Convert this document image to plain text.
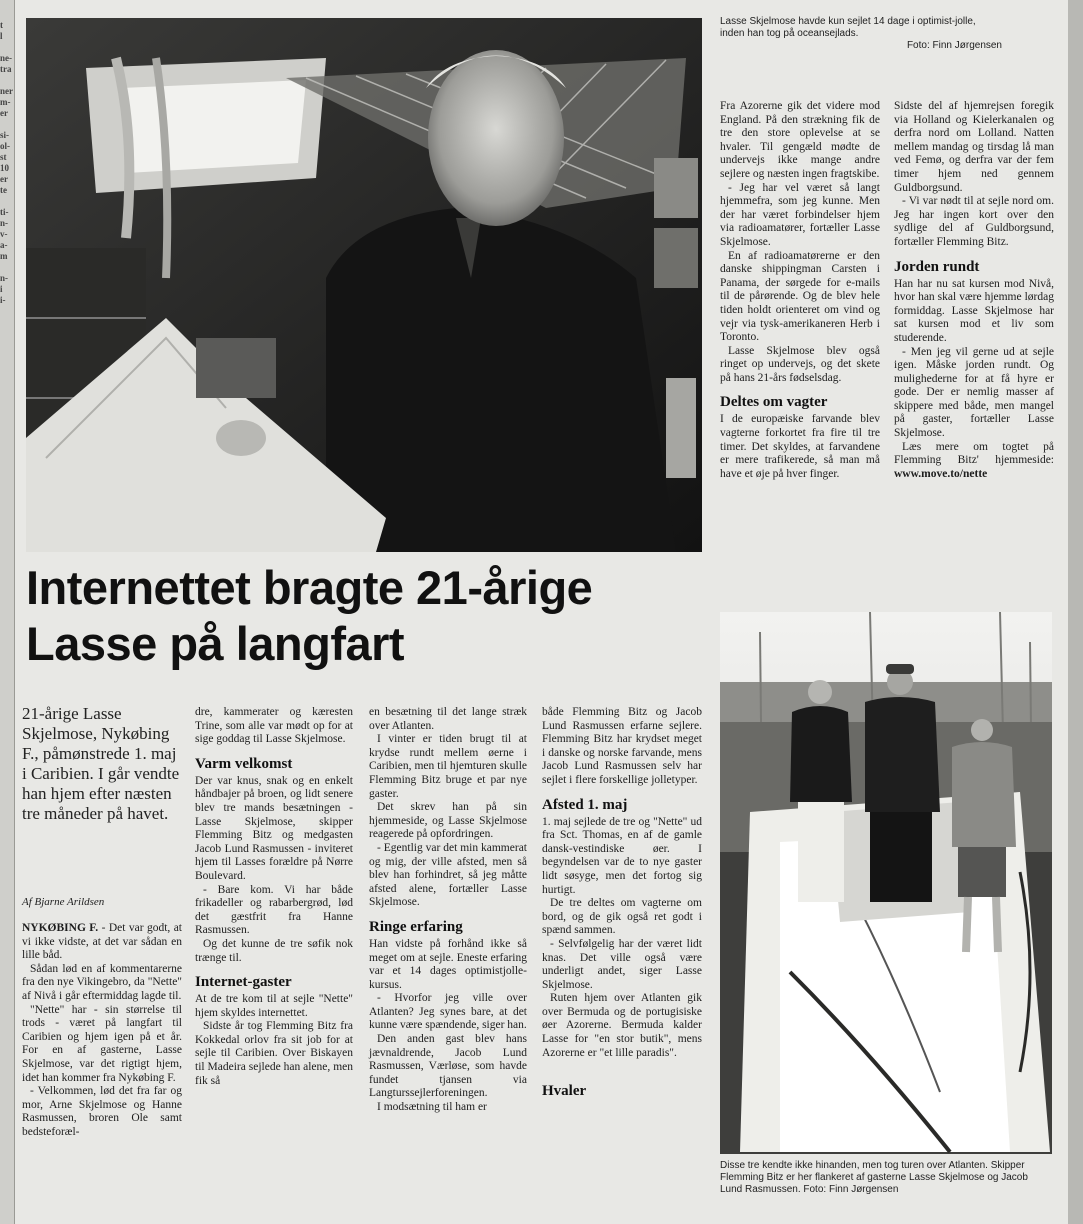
t
l

ne-
tra

ner
m-
er

si-
ol-
st
10
er
te

ti-
n-
v-
a-
m

n-
i
i-
Lasse Skjelmose havde kun sejlet 14 dage i optimist-jolle, inden han tog på oceansejlads.
Foto: Finn Jørgensen
Internettet bragte 21-årige Lasse på langfart
21-årige Lasse Skjelmose, Nykøbing F., påmønstrede 1. maj i Caribien. I går vendte han hjem efter næsten tre måneder på havet.
Af Bjarne Arildsen

NYKØBING F. - Det var godt, at vi ikke vidste, at det var sådan en lille båd.

Sådan lød en af kommentarerne fra den nye Vikingebro, da "Nette" af Nivå i går eftermiddag lagde til.

"Nette" har - sin størrelse til trods - været på langfart til Caribien og hjem igen på et år. For en af gasterne, Lasse Skjelmose, var det rigtigt hjem, idet han kommer fra Nykøbing F.

- Velkommen, lød det fra far og mor, Arne Skjelmose og Hanne Rasmussen, broren Ole samt bedsteforæl-

dre, kammerater og kæresten Trine, som alle var mødt op for at sige goddag til Lasse Skjelmose.

Varm velkomst

Der var knus, snak og en enkelt håndbajer på broen, og lidt senere blev tre mands besætningen - Lasse Skjelmose, skipper Flemming Bitz og medgasten Jacob Lund Rasmussen - inviteret hjem til Lasses forældre på Nørre Boulevard.

- Bare kom. Vi har både frikadeller og rabarbergrød, lød det gæstfrit fra Hanne Rasmussen.

Og det kunne de tre søfik nok trænge til.

Internet-gaster

At de tre kom til at sejle "Nette" hjem skyldes internettet.

Sidste år tog Flemming Bitz fra Kokkedal orlov fra sit job for at sejle til Caribien. Over Biskayen til Madeira sejlede han alene, men fik så

en besætning til det lange stræk over Atlanten.

I vinter er tiden brugt til at krydse rundt mellem øerne i Caribien, men til hjemturen skulle Flemming Bitz bruge et par nye gaster.

Det skrev han på sin hjemmeside, og Lasse Skjelmose reagerede på opfordringen.

- Egentlig var det min kammerat og mig, der ville afsted, men så blev han forhindret, så jeg måtte afsted alene, fortæller Lasse Skjelmose.

Ringe erfaring

Han vidste på forhånd ikke så meget om at sejle. Eneste erfaring var et 14 dages optimistjolle-kursus.

- Hvorfor jeg ville over Atlanten? Jeg synes bare, at det kunne være spændende, siger han.

Den anden gast blev hans jævnaldrende, Jacob Lund Rasmussen, Værløse, som havde fundet tjansen via Langturssejlerforeningen.

I modsætning til ham er

både Flemming Bitz og Jacob Lund Rasmussen erfarne sejlere. Flemming Bitz har krydset meget i danske og norske farvande, mens Jacob Lund Rasmussen selv har sejlet i flere forskellige jolletyper.

Afsted 1. maj

1. maj sejlede de tre og "Nette" ud fra Sct. Thomas, en af de gamle dansk-vestindiske øer. I begyndelsen var de to nye gaster lidt søsyge, men det fortog sig hurtigt.

De tre deltes om vagterne om bord, og de gik også ret godt i spænd sammen.

- Selvfølgelig har der været lidt knas. Det ville også være underligt andet, siger Lasse Skjelmose.

Ruten hjem over Atlanten gik over Bermuda og de portugisiske øer Azorerne. Bermuda kalder Lasse for "en stor butik", mens Azorerne er "et lille paradis".

Hvaler

Fra Azorerne gik det videre mod England. På den strækning fik de tre den store oplevelse at se hvaler. Til gengæld mødte de undervejs ikke mange andre sejlere og næsten ingen fragtskibe.

- Jeg har vel været så langt hjemmefra, som jeg kunne. Men der har været forbindelser hjem via radioamatører, fortæller Lasse Skjelmose.

En af radioamatørerne er den danske shippingman Carsten i Panama, der sørgede for e-mails til de pårørende. Og de blev hele tiden holdt orienteret om vind og vejr via tysk-amerikaneren Herb i Toronto.

Lasse Skjelmose blev også ringet op undervejs, og det skete på hans 21-års fødselsdag.

Deltes om vagter

I de europæiske farvande blev vagterne forkortet fra fire til tre timer. Det skyldes, at farvandene er mere trafikerede, så man må have et øje på hver finger.

Sidste del af hjemrejsen foregik via Holland og Kielerkanalen og derfra nord om Lolland. Natten mellem mandag og tirsdag lå man ved Femø, og derfra var der fem timer hjem ned gennem Guldborgsund.

- Vi var nødt til at sejle nord om. Jeg har ingen kort over den sydlige del af Guldborgsund, fortæller Flemming Bitz.

Jorden rundt

Han har nu sat kursen mod Nivå, hvor han skal være hjemme lørdag formiddag. Lasse Skjelmose har sat kursen mod et liv som studerende.

- Men jeg vil gerne ud at sejle igen. Måske jorden rundt. Og mulighederne for at få hyre er gode. Der er nemlig masser af skippere med både, men mangel på gaster, fortæller Lasse Skjelmose.

Læs mere om togtet på Flemming Bitz' hjemmeside: www.move.to/nette

Disse tre kendte ikke hinanden, men tog turen over Atlanten. Skipper Flemming Bitz er her flankeret af gasterne Lasse Skjelmose og Jacob Lund Rasmussen. Foto: Finn Jørgensen
